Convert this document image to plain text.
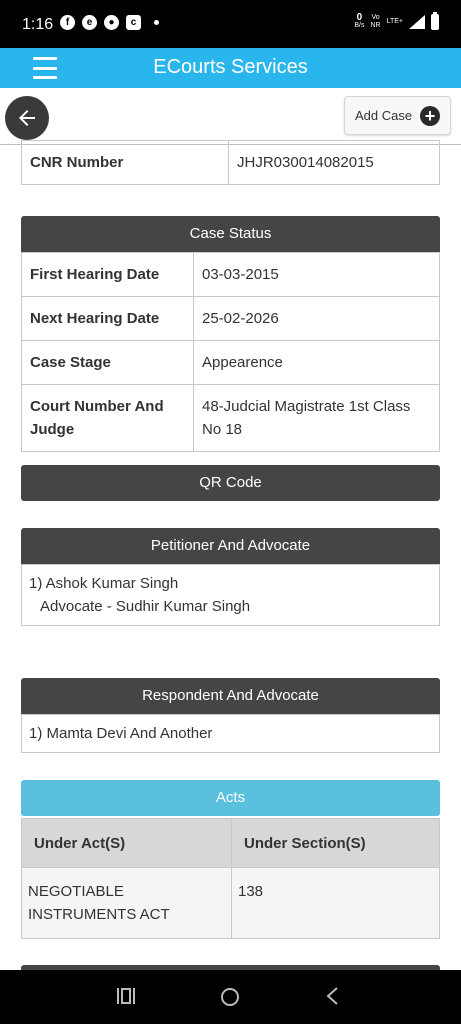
1:16	f	e	●	c	0
B/s
Vo
NR
LTE+
ECourts Services
Add Case +
CNR Number	JHJR030014082015
Case Status
First Hearing Date	03-03-2015
Next Hearing Date	25-02-2026
Case Stage	Appearence
Court Number And Judge	48-Judcial Magistrate 1st Class No 18
QR Code
Petitioner And Advocate
1) Ashok Kumar Singh
Advocate - Sudhir Kumar Singh
Respondent And Advocate
1) Mamta Devi And Another
Acts
Under Act(S)	Under Section(S)
NEGOTIABLE INSTRUMENTS ACT	138
